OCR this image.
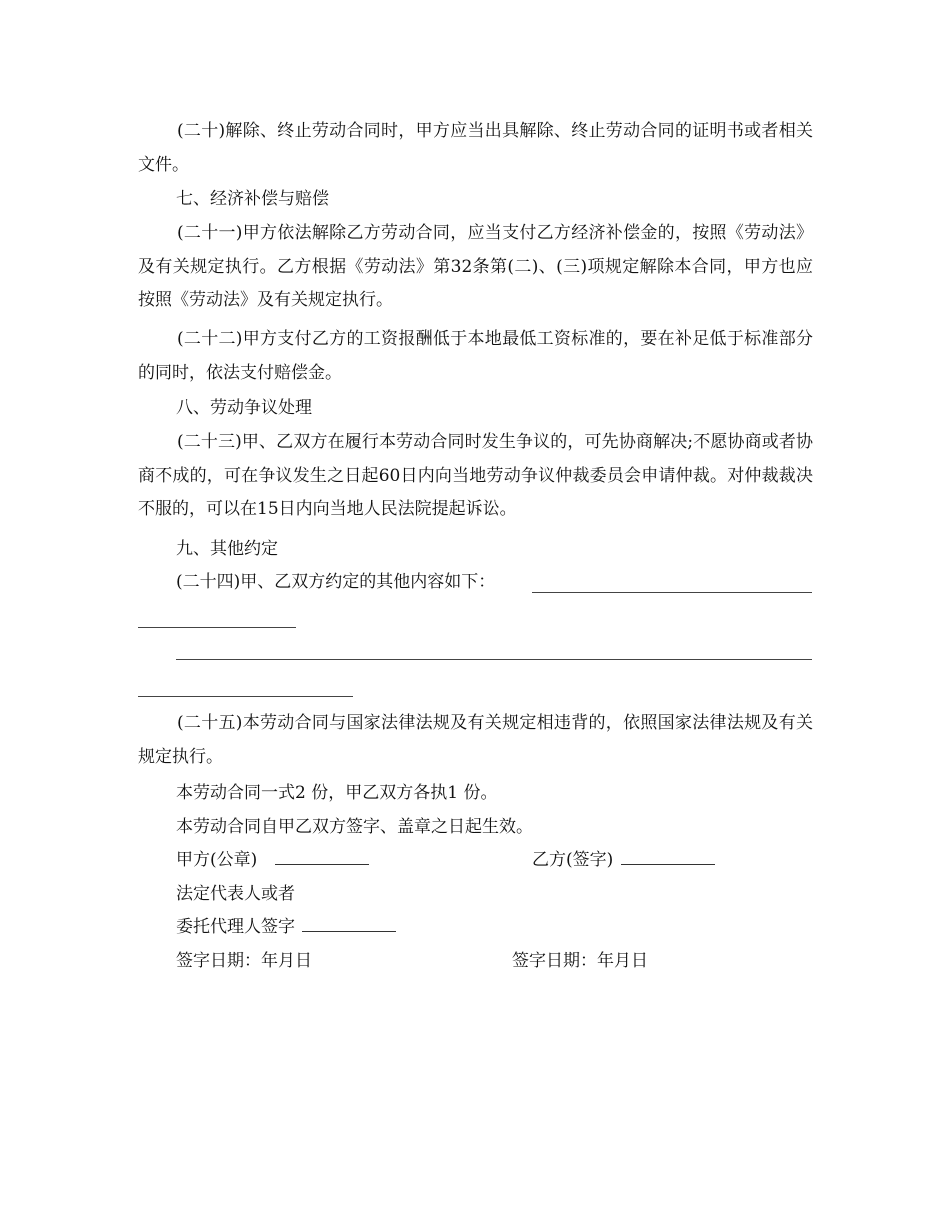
(二十)解除、终止劳动合同时，甲方应当出具解除、终止劳动合同的证明书或者相关文件。

七、经济补偿与赔偿

(二十一)甲方依法解除乙方劳动合同，应当支付乙方经济补偿金的，按照《劳动法》及有关规定执行。乙方根据《劳动法》第32条第(二)、(三)项规定解除本合同，甲方也应按照《劳动法》及有关规定执行。

(二十二)甲方支付乙方的工资报酬低于本地最低工资标准的，要在补足低于标准部分的同时，依法支付赔偿金。

八、劳动争议处理

(二十三)甲、乙双方在履行本劳动合同时发生争议的，可先协商解决;不愿协商或者协商不成的，可在争议发生之日起60日内向当地劳动争议仲裁委员会申请仲裁。对仲裁裁决不服的，可以在15日内向当地人民法院提起诉讼。

九、其他约定

(二十四)甲、乙双方约定的其他内容如下：

(二十五)本劳动合同与国家法律法规及有关规定相违背的，依照国家法律法规及有关规定执行。

本劳动合同一式2 份，甲乙双方各执1 份。

本劳动合同自甲乙双方签字、盖章之日起生效。

甲方(公章)	乙方(签字)

法定代表人或者

委托代理人签字

签字日期：年月日	签字日期：年月日
